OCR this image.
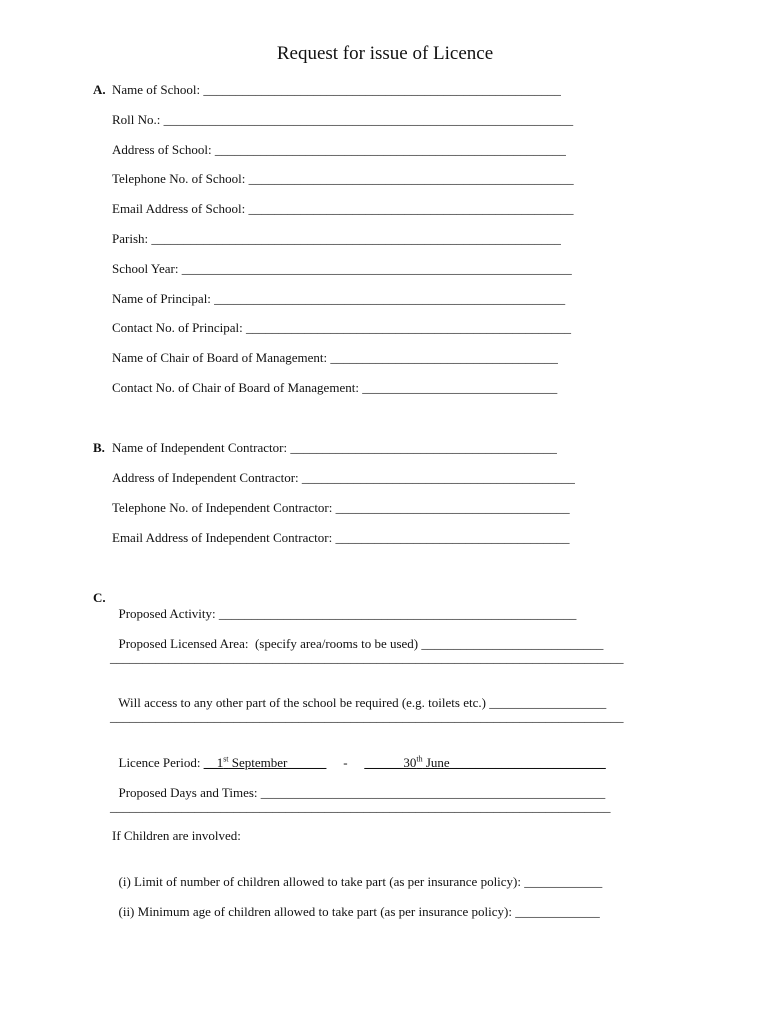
Request for issue of Licence
A. Name of School: _______________________________________________________
Roll No.: _______________________________________________________________
Address of School: ______________________________________________________
Telephone No. of School: __________________________________________________
Email Address of School: __________________________________________________
Parish: _______________________________________________________________
School Year: ____________________________________________________________
Name of Principal: ______________________________________________________
Contact No. of Principal: __________________________________________________
Name of Chair of Board of Management: ___________________________________
Contact No. of Chair of Board of Management: ______________________________
B. Name of Independent Contractor: _________________________________________
Address of Independent Contractor: __________________________________________
Telephone No. of Independent Contractor: ____________________________________
Email Address of Independent Contractor: ____________________________________
C.

Proposed Activity: _______________________________________________________

Proposed Licensed Area:  (specify area/rooms to be used) ____________________________

_______________________________________________________________________________

Will access to any other part of the school be required (e.g. toilets etc.) __________________

_______________________________________________________________________________

Licence Period: __1st September______ - ______30th June________________________

Proposed Days and Times: _____________________________________________________

_____________________________________________________________________________
If Children are involved:

(i) Limit of number of children allowed to take part (as per insurance policy): ____________

(ii) Minimum age of children allowed to take part (as per insurance policy): _____________
